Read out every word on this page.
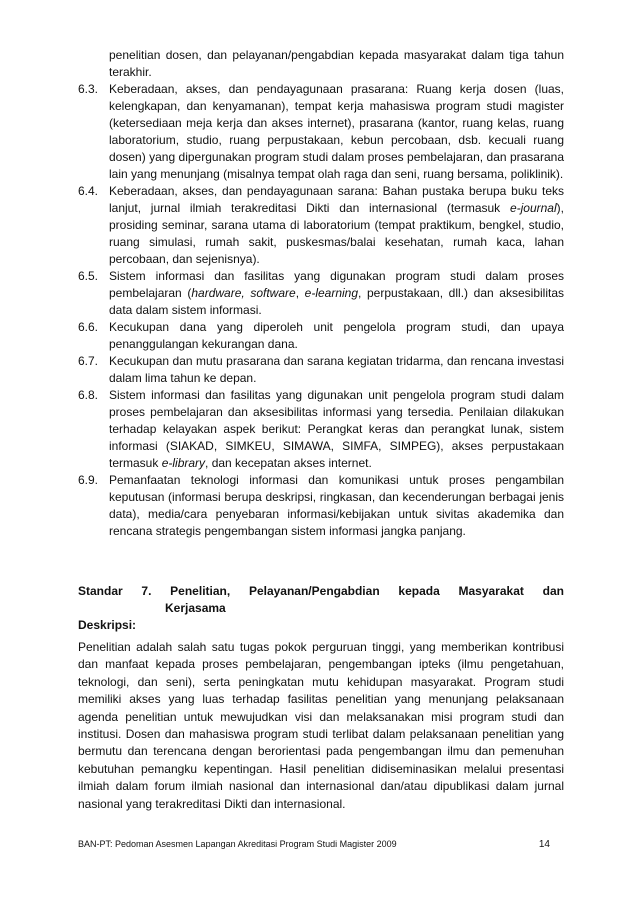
penelitian dosen, dan pelayanan/pengabdian kepada masyarakat dalam tiga tahun terakhir.
6.3. Keberadaan, akses, dan pendayagunaan prasarana: Ruang kerja dosen (luas, kelengkapan, dan kenyamanan), tempat kerja mahasiswa program studi magister (ketersediaan meja kerja dan akses internet), prasarana (kantor, ruang kelas, ruang laboratorium, studio, ruang perpustakaan, kebun percobaan, dsb. kecuali ruang dosen) yang dipergunakan program studi dalam proses pembelajaran, dan prasarana lain yang menunjang (misalnya tempat olah raga dan seni, ruang bersama, poliklinik).
6.4. Keberadaan, akses, dan pendayagunaan sarana: Bahan pustaka berupa buku teks lanjut, jurnal ilmiah terakreditasi Dikti dan internasional (termasuk e-journal), prosiding seminar, sarana utama di laboratorium (tempat praktikum, bengkel, studio, ruang simulasi, rumah sakit, puskesmas/balai kesehatan, rumah kaca, lahan percobaan, dan sejenisnya).
6.5. Sistem informasi dan fasilitas yang digunakan program studi dalam proses pembelajaran (hardware, software, e-learning, perpustakaan, dll.) dan aksesibilitas data dalam sistem informasi.
6.6. Kecukupan dana yang diperoleh unit pengelola program studi, dan upaya penanggulangan kekurangan dana.
6.7. Kecukupan dan mutu prasarana dan sarana kegiatan tridarma, dan rencana investasi dalam lima tahun ke depan.
6.8. Sistem informasi dan fasilitas yang digunakan unit pengelola program studi dalam proses pembelajaran dan aksesibilitas informasi yang tersedia. Penilaian dilakukan terhadap kelayakan aspek berikut: Perangkat keras dan perangkat lunak, sistem informasi (SIAKAD, SIMKEU, SIMAWA, SIMFA, SIMPEG), akses perpustakaan termasuk e-library, dan kecepatan akses internet.
6.9. Pemanfaatan teknologi informasi dan komunikasi untuk proses pengambilan keputusan (informasi berupa deskripsi, ringkasan, dan kecenderungan berbagai jenis data), media/cara penyebaran informasi/kebijakan untuk sivitas akademika dan rencana strategis pengembangan sistem informasi jangka panjang.
Standar 7. Penelitian, Pelayanan/Pengabdian kepada Masyarakat dan
Kerjasama
Deskripsi:
Penelitian adalah salah satu tugas pokok perguruan tinggi, yang memberikan kontribusi dan manfaat kepada proses pembelajaran, pengembangan ipteks (ilmu pengetahuan, teknologi, dan seni), serta peningkatan mutu kehidupan masyarakat. Program studi memiliki akses yang luas terhadap fasilitas penelitian yang menunjang pelaksanaan agenda penelitian untuk mewujudkan visi dan melaksanakan misi program studi dan institusi. Dosen dan mahasiswa program studi terlibat dalam pelaksanaan penelitian yang bermutu dan terencana dengan berorientasi pada pengembangan ilmu dan pemenuhan kebutuhan pemangku kepentingan. Hasil penelitian didiseminasikan melalui presentasi ilmiah dalam forum ilmiah nasional dan internasional dan/atau dipublikasi dalam jurnal nasional yang terakreditasi Dikti dan internasional.
BAN-PT: Pedoman Asesmen Lapangan Akreditasi Program Studi Magister 2009	14
